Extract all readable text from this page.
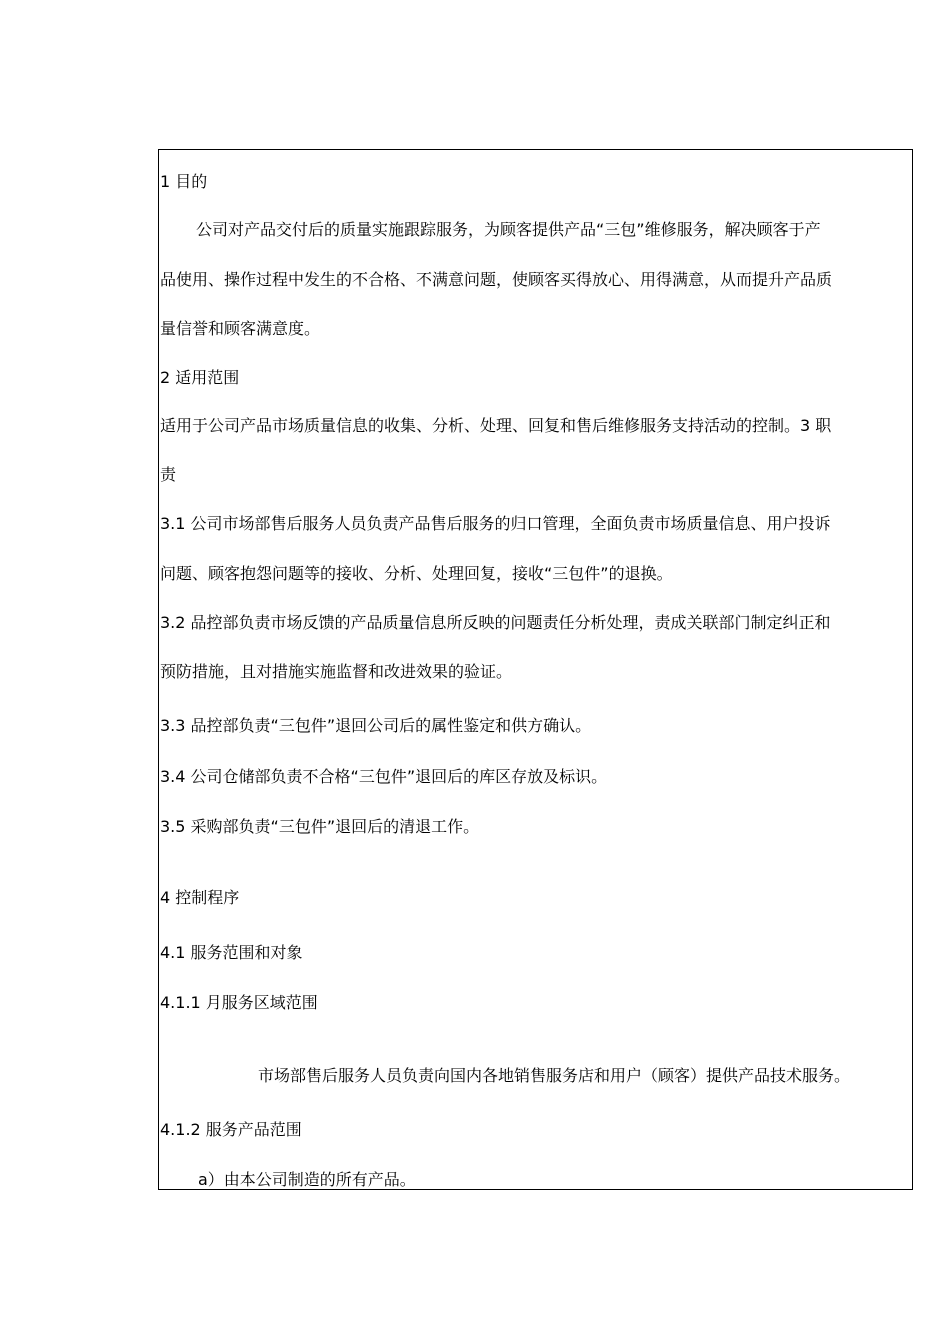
1 目的
公司对产品交付后的质量实施跟踪服务，为顾客提供产品“三包”维修服务，解决顾客于产
品使用、操作过程中发生的不合格、不满意问题，使顾客买得放心、用得满意，从而提升产品质
量信誉和顾客满意度。
2 适用范围
适用于公司产品市场质量信息的收集、分析、处理、回复和售后维修服务支持活动的控制。3 职
责
3.1 公司市场部售后服务人员负责产品售后服务的归口管理，全面负责市场质量信息、用户投诉
问题、顾客抱怨问题等的接收、分析、处理回复，接收“三包件”的退换。
3.2 品控部负责市场反馈的产品质量信息所反映的问题责任分析处理，责成关联部门制定纠正和
预防措施，且对措施实施监督和改进效果的验证。
3.3 品控部负责“三包件”退回公司后的属性鉴定和供方确认。
3.4 公司仓储部负责不合格“三包件”退回后的库区存放及标识。
3.5 采购部负责“三包件”退回后的清退工作。
4 控制程序
4.1 服务范围和对象
4.1.1 月服务区域范围
市场部售后服务人员负责向国内各地销售服务店和用户（顾客）提供产品技术服务。
4.1.2 服务产品范围
a）由本公司制造的所有产品。
